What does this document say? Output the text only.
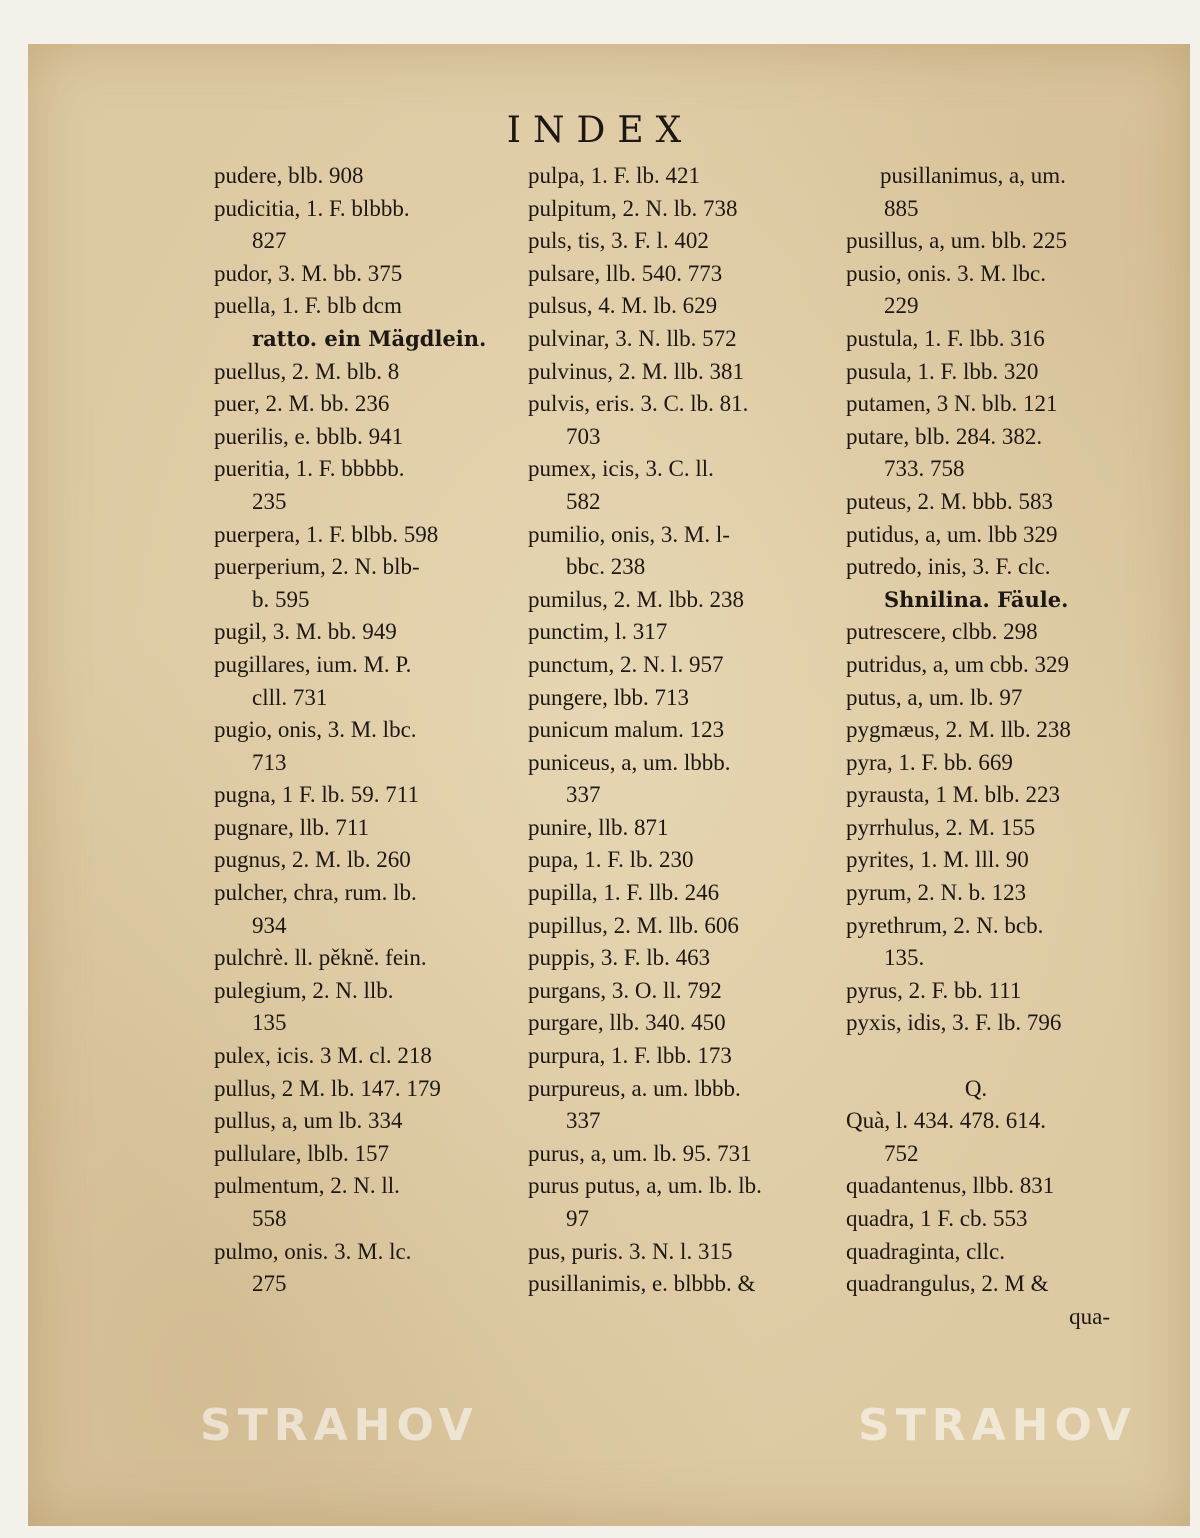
INDEX
pudere, blb. 908
pudicitia, 1. F. blbbb.
827
pudor, 3. M. bb. 375
puella, 1. F. blb dcm
ratto. ein Mägdlein.
puellus, 2. M. blb. 8
puer, 2. M. bb. 236
puerilis, e. bblb. 941
pueritia, 1. F. bbbbb.
235
puerpera, 1. F. blbb. 598
puerperium, 2. N. blb-
b. 595
pugil, 3. M. bb. 949
pugillares, ium. M. P.
clll. 731
pugio, onis, 3. M. lbc.
713
pugna, 1 F. lb. 59. 711
pugnare, llb. 711
pugnus, 2. M. lb. 260
pulcher, chra, rum. lb.
934
pulchrè. ll. pěkně. fein.
pulegium, 2. N. llb.
135
pulex, icis. 3 M. cl. 218
pullus, 2 M. lb. 147. 179
pullus, a, um lb. 334
pullulare, lblb. 157
pulmentum, 2. N. ll.
558
pulmo, onis. 3. M. lc.
275
pulpa, 1. F. lb. 421
pulpitum, 2. N. lb. 738
puls, tis, 3. F. l. 402
pulsare, llb. 540. 773
pulsus, 4. M. lb. 629
pulvinar, 3. N. llb. 572
pulvinus, 2. M. llb. 381
pulvis, eris. 3. C. lb. 81.
703
pumex, icis, 3. C. ll.
582
pumilio, onis, 3. M. l-
bbc. 238
pumilus, 2. M. lbb. 238
punctim, l. 317
punctum, 2. N. l. 957
pungere, lbb. 713
punicum malum. 123
puniceus, a, um. lbbb.
337
punire, llb. 871
pupa, 1. F. lb. 230
pupilla, 1. F. llb. 246
pupillus, 2. M. llb. 606
puppis, 3. F. lb. 463
purgans, 3. O. ll. 792
purgare, llb. 340. 450
purpura, 1. F. lbb. 173
purpureus, a. um. lbbb.
337
purus, a, um. lb. 95. 731
purus putus, a, um. lb. lb.
97
pus, puris. 3. N. l. 315
pusillanimis, e. blbbb. &
pusillanimus, a, um.
885
pusillus, a, um. blb. 225
pusio, onis. 3. M. lbc.
229
pustula, 1. F. lbb. 316
pusula, 1. F. lbb. 320
putamen, 3 N. blb. 121
putare, blb. 284. 382.
733. 758
puteus, 2. M. bbb. 583
putidus, a, um. lbb 329
putredo, inis, 3. F. clc.
Shnilina. Fäule.
putrescere, clbb. 298
putridus, a, um cbb. 329
putus, a, um. lb. 97
pygmæus, 2. M. llb. 238
pyra, 1. F. bb. 669
pyrausta, 1 M. blb. 223
pyrrhulus, 2. M. 155
pyrites, 1. M. lll. 90
pyrum, 2. N. b. 123
pyrethrum, 2. N. bcb.
135.
pyrus, 2. F. bb. 111
pyxis, idis, 3. F. lb. 796
Q.
Quà, l. 434. 478. 614.
752
quadantenus, llbb. 831
quadra, 1 F. cb. 553
quadraginta, cllc.
quadrangulus, 2. M &
qua-
STRAHOV	STRAHOV
